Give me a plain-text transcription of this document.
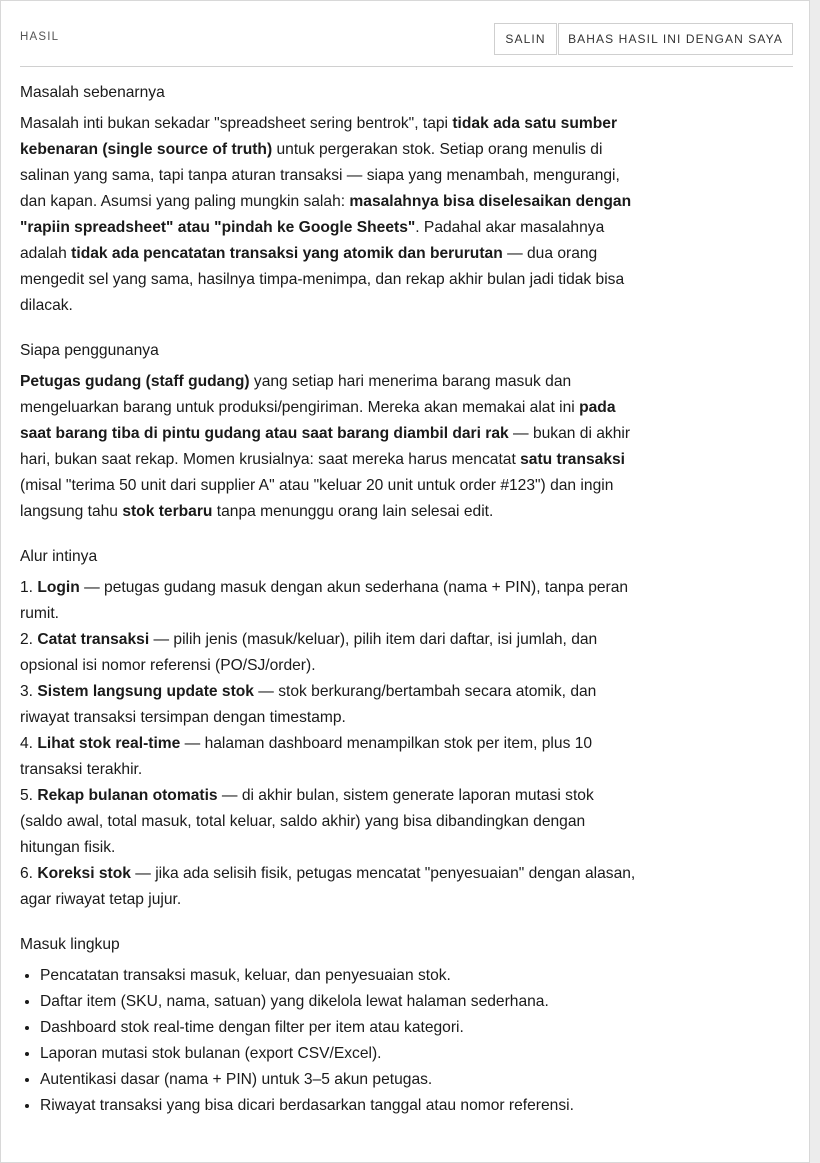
HASIL	SALIN	BAHAS HASIL INI DENGAN SAYA
Masalah sebenarnya

Masalah inti bukan sekadar "spreadsheet sering bentrok", tapi tidak ada satu sumber kebenaran (single source of truth) untuk pergerakan stok. Setiap orang menulis di salinan yang sama, tapi tanpa aturan transaksi — siapa yang menambah, mengurangi, dan kapan. Asumsi yang paling mungkin salah: masalahnya bisa diselesaikan dengan "rapiin spreadsheet" atau "pindah ke Google Sheets". Padahal akar masalahnya adalah tidak ada pencatatan transaksi yang atomik dan berurutan — dua orang mengedit sel yang sama, hasilnya timpa-menimpa, dan rekap akhir bulan jadi tidak bisa dilacak.

Siapa penggunanya

Petugas gudang (staff gudang) yang setiap hari menerima barang masuk dan mengeluarkan barang untuk produksi/pengiriman. Mereka akan memakai alat ini pada saat barang tiba di pintu gudang atau saat barang diambil dari rak — bukan di akhir hari, bukan saat rekap. Momen krusialnya: saat mereka harus mencatat satu transaksi (misal "terima 50 unit dari supplier A" atau "keluar 20 unit untuk order #123") dan ingin langsung tahu stok terbaru tanpa menunggu orang lain selesai edit.

Alur intinya
1. Login — petugas gudang masuk dengan akun sederhana (nama + PIN), tanpa peran rumit.
2. Catat transaksi — pilih jenis (masuk/keluar), pilih item dari daftar, isi jumlah, dan opsional isi nomor referensi (PO/SJ/order).
3. Sistem langsung update stok — stok berkurang/bertambah secara atomik, dan riwayat transaksi tersimpan dengan timestamp.
4. Lihat stok real-time — halaman dashboard menampilkan stok per item, plus 10 transaksi terakhir.
5. Rekap bulanan otomatis — di akhir bulan, sistem generate laporan mutasi stok (saldo awal, total masuk, total keluar, saldo akhir) yang bisa dibandingkan dengan hitungan fisik.
6. Koreksi stok — jika ada selisih fisik, petugas mencatat "penyesuaian" dengan alasan, agar riwayat tetap jujur.
Masuk lingkup
• Pencatatan transaksi masuk, keluar, dan penyesuaian stok.
• Daftar item (SKU, nama, satuan) yang dikelola lewat halaman sederhana.
• Dashboard stok real-time dengan filter per item atau kategori.
• Laporan mutasi stok bulanan (export CSV/Excel).
• Autentikasi dasar (nama + PIN) untuk 3–5 akun petugas.
• Riwayat transaksi yang bisa dicari berdasarkan tanggal atau nomor referensi.
